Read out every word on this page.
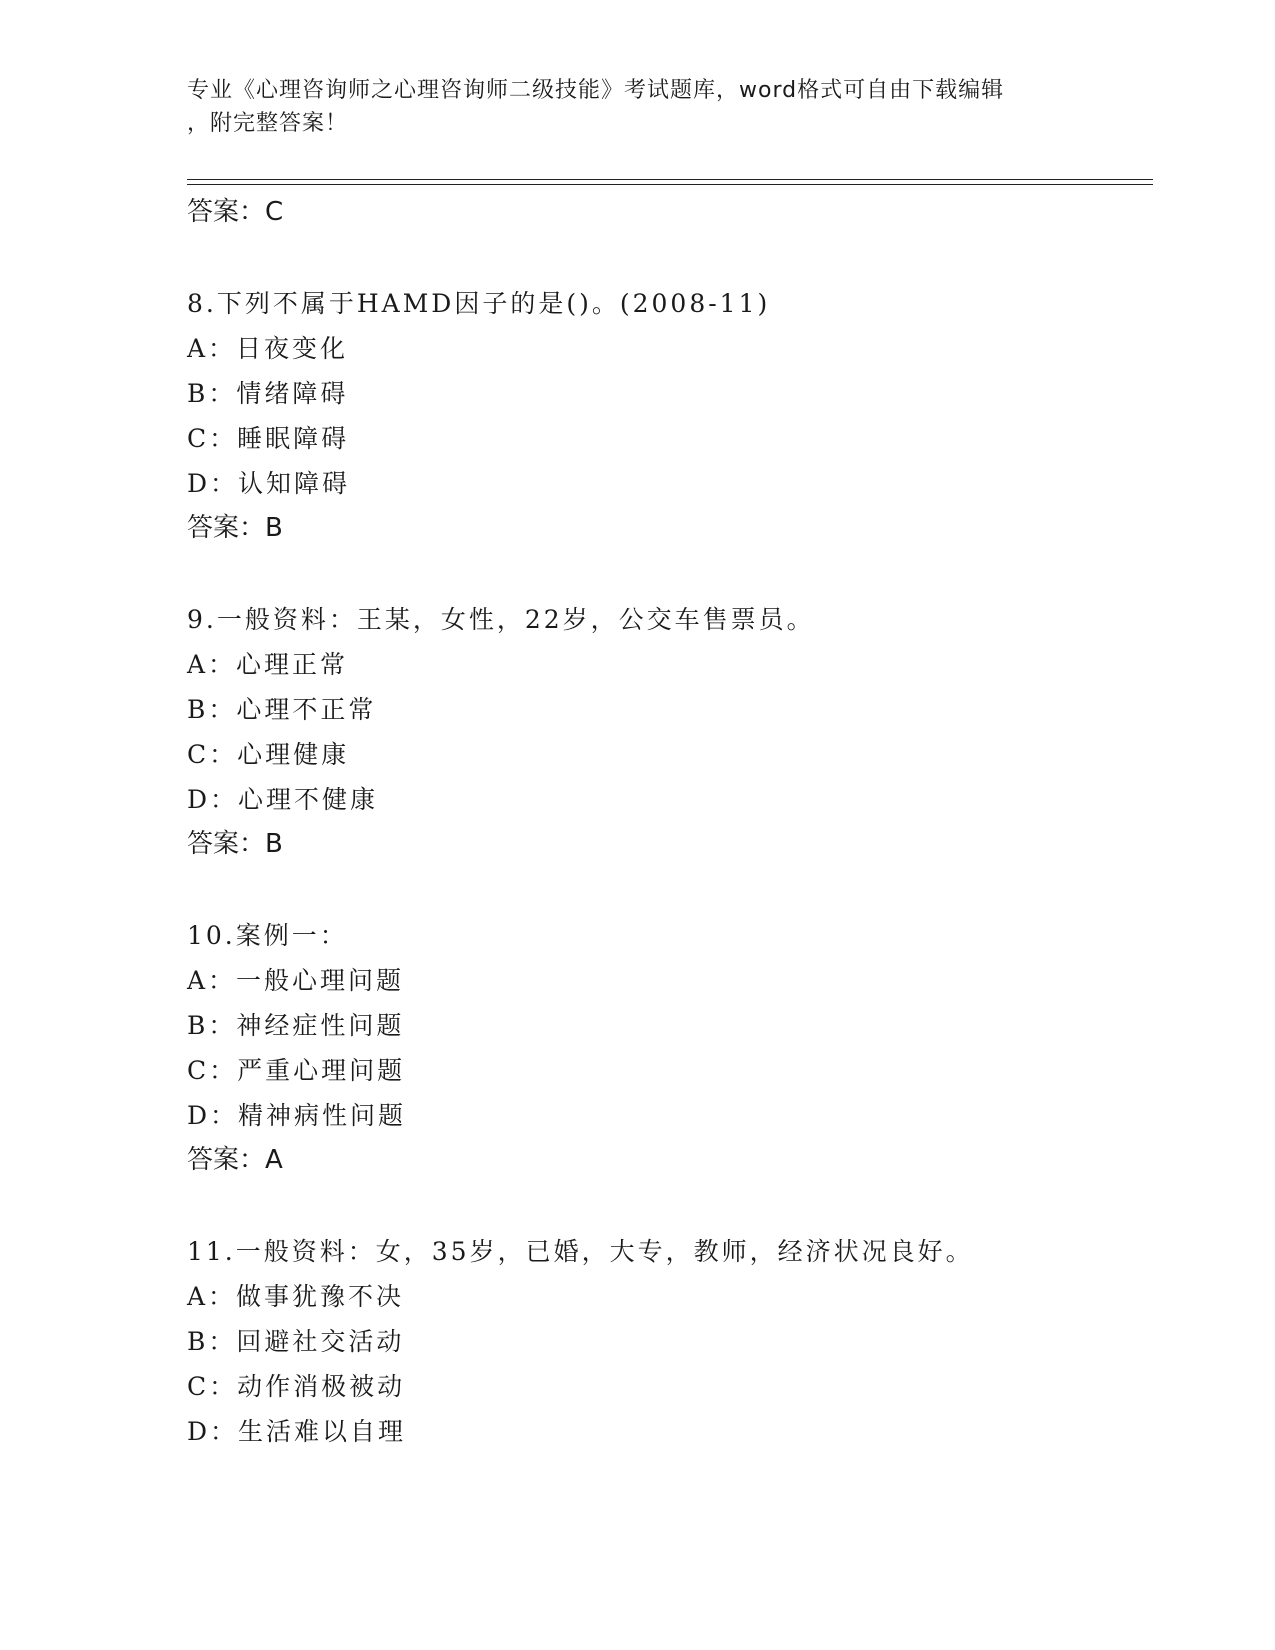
专业《心理咨询师之心理咨询师二级技能》考试题库，word格式可自由下载编辑
，附完整答案！

答案：C

8.下列不属于HAMD因子的是()。(2008-11)

A：日夜变化

B：情绪障碍

C：睡眠障碍

D：认知障碍

答案：B

9.一般资料：王某，女性，22岁，公交车售票员。

A：心理正常

B：心理不正常

C：心理健康

D：心理不健康

答案：B

10.案例一：

A：一般心理问题

B：神经症性问题

C：严重心理问题

D：精神病性问题

答案：A

11.一般资料：女，35岁，已婚，大专，教师，经济状况良好。

A：做事犹豫不决

B：回避社交活动

C：动作消极被动

D：生活难以自理
